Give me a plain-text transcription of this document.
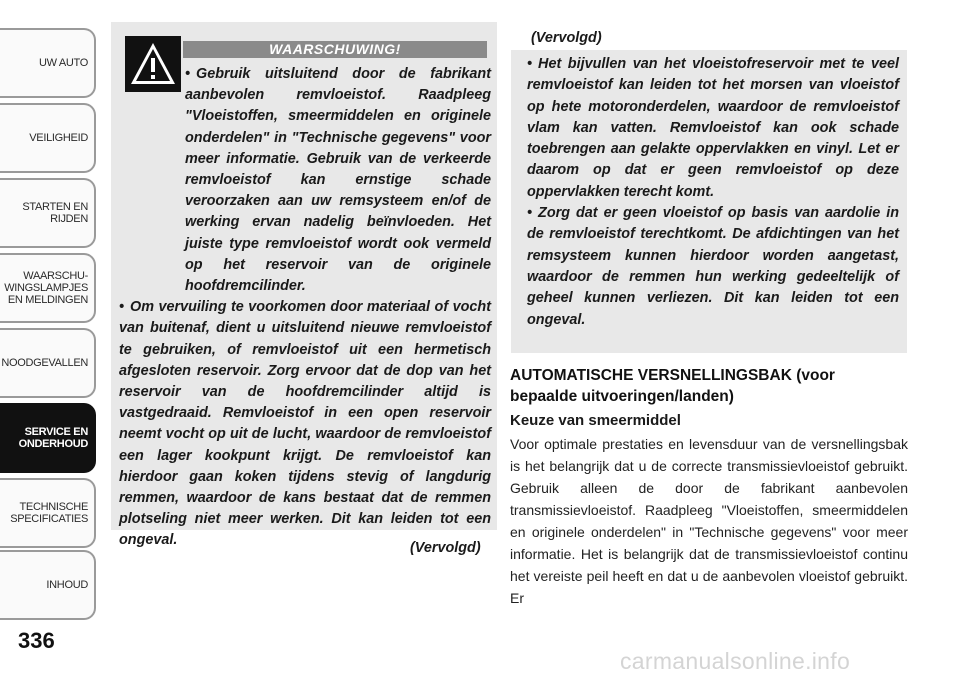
UW AUTO
VEILIGHEID
STARTEN EN
RIJDEN
WAARSCHU-
WINGSLAMPJES
EN MELDINGEN
NOODGEVALLEN
SERVICE EN
ONDERHOUD
TECHNISCHE
SPECIFICATIES
INHOUD
336
WAARSCHUWING!
• Gebruik uitsluitend door de fabrikant aanbevolen remvloeistof. Raadpleeg "Vloeistoffen, smeermiddelen en originele onderdelen" in "Technische gegevens" voor meer informatie. Gebruik van de verkeerde remvloeistof kan ernstige schade veroorzaken aan uw remsysteem en/of de werking ervan nadelig beïnvloeden. Het juiste type remvloeistof wordt ook vermeld op het reservoir van de originele hoofdremcilinder.
• Om vervuiling te voorkomen door materiaal of vocht van buitenaf, dient u uitsluitend nieuwe remvloeistof te gebruiken, of remvloeistof uit een hermetisch afgesloten reservoir. Zorg ervoor dat de dop van het reservoir van de hoofdremcilinder altijd is vastgedraaid. Remvloeistof in een open reservoir neemt vocht op uit de lucht, waardoor de remvloeistof een lager kookpunt krijgt. De remvloeistof kan hierdoor gaan koken tijdens stevig of langdurig remmen, waardoor de kans bestaat dat de remmen plotseling niet meer werken. Dit kan leiden tot een ongeval.	(Vervolgd)
(Vervolgd)
• Het bijvullen van het vloeistofreservoir met te veel remvloeistof kan leiden tot het morsen van vloeistof op hete motoronderdelen, waardoor de remvloeistof vlam kan vatten. Remvloeistof kan ook schade toebrengen aan gelakte oppervlakken en vinyl. Let er daarom op dat er geen remvloeistof op deze oppervlakken terecht komt.
• Zorg dat er geen vloeistof op basis van aardolie in de remvloeistof terechtkomt. De afdichtingen van het remsysteem kunnen hierdoor worden aangetast, waardoor de remmen hun werking gedeeltelijk of geheel kunnen verliezen. Dit kan leiden tot een ongeval.
AUTOMATISCHE VERSNELLINGSBAK (voor bepaalde uitvoeringen/landen)
Keuze van smeermiddel
Voor optimale prestaties en levensduur van de versnellingsbak is het belangrijk dat u de correcte transmissievloeistof gebruikt. Gebruik alleen de door de fabrikant aanbevolen transmissievloeistof. Raadpleeg "Vloeistoffen, smeermiddelen en originele onderdelen" in "Technische gegevens" voor meer informatie. Het is belangrijk dat de transmissievloeistof continu het vereiste peil heeft en dat u de aanbevolen vloeistof gebruikt. Er
carmanualsonline.info
